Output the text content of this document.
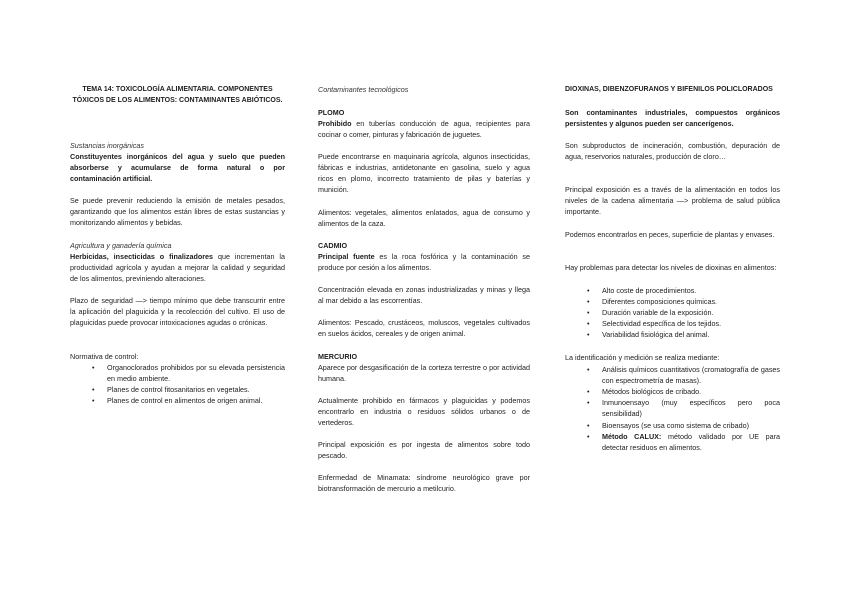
TEMA 14: TOXICOLOGÍA ALIMENTARIA. COMPONENTES TÓXICOS DE LOS ALIMENTOS: CONTAMINANTES ABIÓTICOS.
Sustancias inorgánicas
Constituyentes inorgánicos del agua y suelo que pueden absorberse y acumularse de forma natural o por contaminación artificial.
Se puede prevenir reduciendo la emisión de metales pesados, garantizando que los alimentos están libres de estas sustancias y monitorizando alimentos y bebidas.
Agricultura y ganadería química
Herbicidas, insecticidas o finalizadores que incrementan la productividad agrícola y ayudan a mejorar la calidad y seguridad de los alimentos, previniendo alteraciones.
Plazo de seguridad —> tiempo mínimo que debe transcurrir entre la aplicación del plaguicida y la recolección del cultivo. El uso de plaguicidas puede provocar intoxicaciones agudas o crónicas.
Normativa de control:
• Organoclorados prohibidos por su elevada persistencia en medio ambiente.
• Planes de control fitosanitarios en vegetales.
• Planes de control en alimentos de origen animal.
Contaminantes tecnológicos
PLOMO
Prohibido en tuberías conducción de agua, recipientes para cocinar o comer, pinturas y fabricación de juguetes.
Puede encontrarse en maquinaria agrícola, algunos insecticidas, fábricas e industrias, antidetonante en gasolina, suelo y agua ricos en plomo, incorrecto tratamiento de pilas y baterías y munición.
Alimentos: vegetales, alimentos enlatados, agua de consumo y alimentos de la caza.
CADMIO
Principal fuente es la roca fosfórica y la contaminación se produce por cesión a los alimentos.
Concentración elevada en zonas industrializadas y minas y llega al mar debido a las escorrentías.
Alimentos: Pescado, crustáceos, moluscos, vegetales cultivados en suelos ácidos, cereales y de origen animal.
MERCURIO
Aparece por desgasificación de la corteza terrestre o por actividad humana.
Actualmente prohibido en fármacos y plaguicidas y podemos encontrarlo en industria o residuos sólidos urbanos o de vertederos.
Principal exposición es por ingesta de alimentos sobre todo pescado.
Enfermedad de Minamata: síndrome neurológico grave por biotransformación de mercurio a metilcurio.
DIOXINAS, DIBENZOFURANOS Y BIFENILOS POLICLORADOS
Son contaminantes industriales, compuestos orgánicos persistentes y algunos pueden ser cancerígenos.
Son subproductos de incineración, combustión, depuración de agua, reservorios naturales, producción de cloro…
Principal exposición es a través de la alimentación en todos los niveles de la cadena alimentaria —> problema de salud pública importante.
Podemos encontrarlos en peces, superficie de plantas y envases.
Hay problemas para detectar los niveles de dioxinas en alimentos:
• Alto coste de procedimientos.
• Diferentes composiciones químicas.
• Duración variable de la exposición.
• Selectividad específica de los tejidos.
• Variabilidad fisiológica del animal.
La identificación y medición se realiza mediante:
• Análisis químicos cuantitativos (cromatografía de gases con espectrometría de masas).
• Métodos biológicos de cribado.
• Inmunoensayo (muy específicos pero poca sensibilidad)
• Bioensayos (se usa como sistema de cribado)
• Método CALUX: método validado por UE para detectar residuos en alimentos.
